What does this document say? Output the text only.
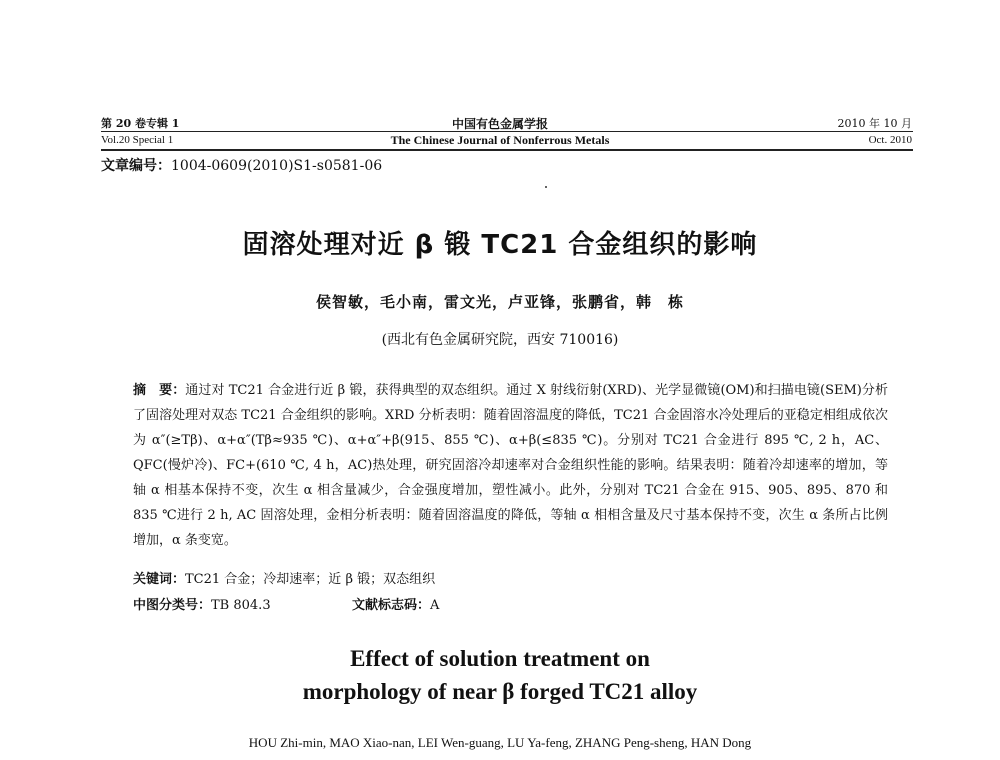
第 20 卷专辑 1
Vol.20 Special 1
中国有色金属学报
The Chinese Journal of Nonferrous Metals
2010 年 10 月
Oct. 2010
文章编号：1004-0609(2010)S1-s0581-06
固溶处理对近 β 锻 TC21 合金组织的影响
侯智敏，毛小南，雷文光，卢亚锋，张鹏省，韩　栋
(西北有色金属研究院，西安 710016)
摘　要：通过对 TC21 合金进行近 β 锻，获得典型的双态组织。通过 X 射线衍射(XRD)、光学显微镜(OM)和扫描电镜(SEM)分析了固溶处理对双态 TC21 合金组织的影响。XRD 分析表明：随着固溶温度的降低，TC21 合金固溶水冷处理后的亚稳定相组成依次为 α″(≥Tβ)、α+α″(Tβ≈935 ℃)、α+α″+β(915、855 ℃)、α+β(≤835 ℃)。分别对 TC21 合金进行 895 ℃, 2 h，AC、QFC(慢炉冷)、FC+(610 ℃, 4 h，AC)热处理，研究固溶冷却速率对合金组织性能的影响。结果表明：随着冷却速率的增加，等轴 α 相基本保持不变，次生 α 相含量减少，合金强度增加，塑性减小。此外，分别对 TC21 合金在 915、905、895、870 和 835 ℃进行 2 h, AC 固溶处理，金相分析表明：随着固溶温度的降低，等轴 α 相相含量及尺寸基本保持不变，次生 α 条所占比例增加，α 条变宽。
关键词：TC21 合金；冷却速率；近 β 锻；双态组织
中图分类号：TB 804.3	文献标志码：A
Effect of solution treatment on
morphology of near β forged TC21 alloy
HOU Zhi-min, MAO Xiao-nan, LEI Wen-guang, LU Ya-feng, ZHANG Peng-sheng, HAN Dong
